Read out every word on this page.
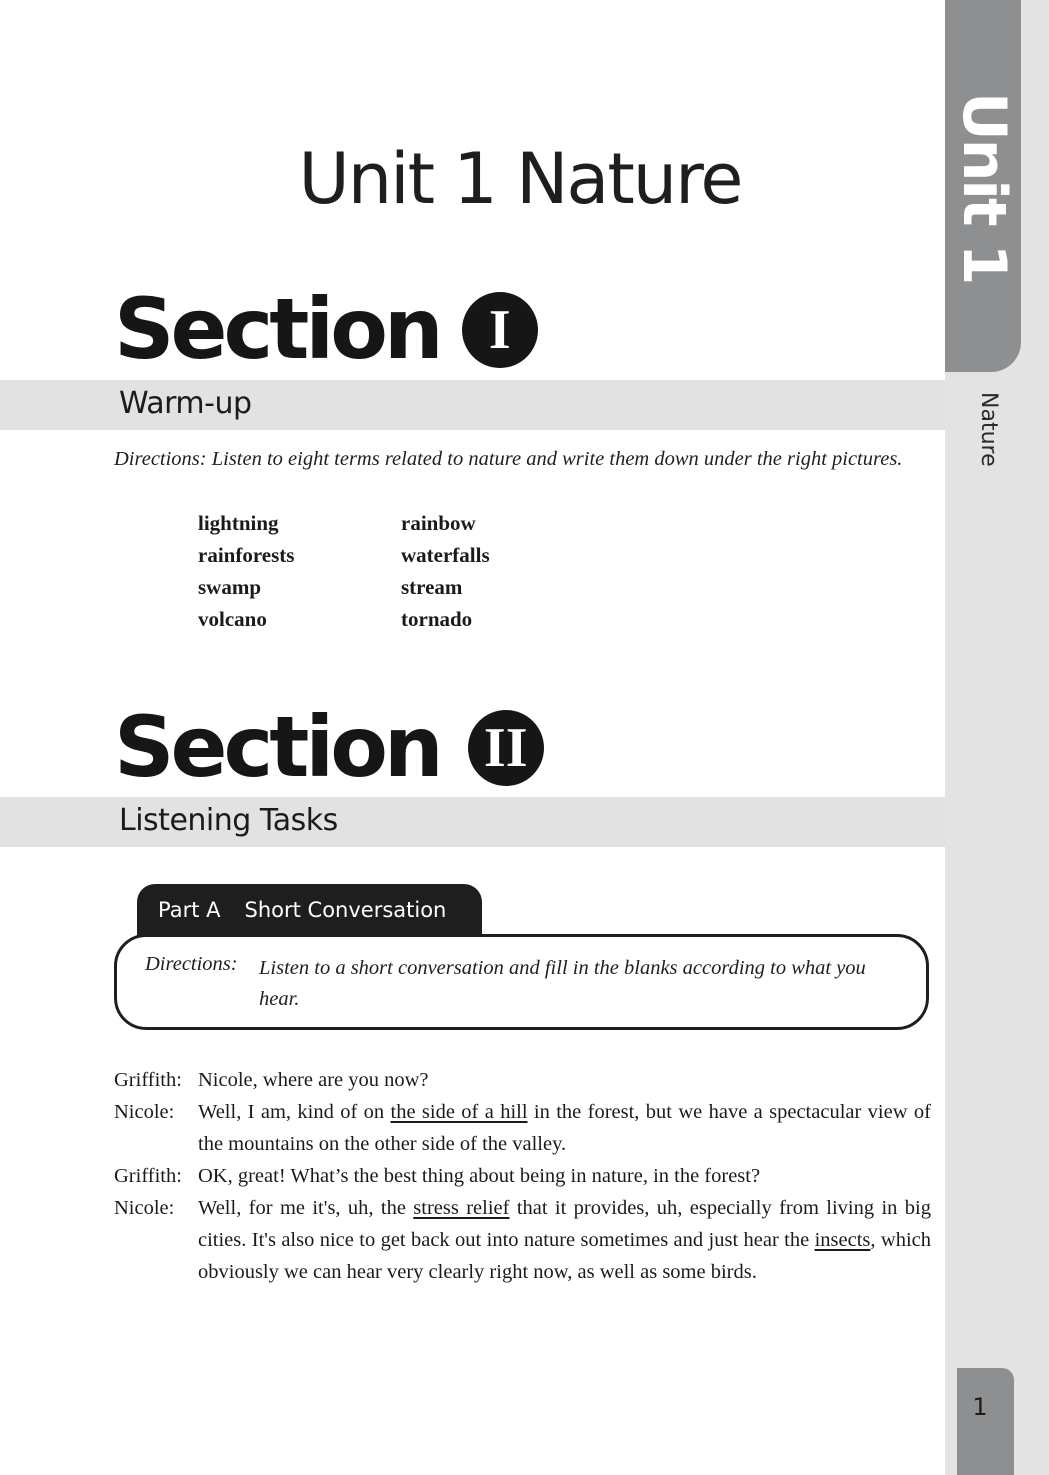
Unit 1
Nature
1
Unit 1 Nature
Section I
Warm-up
Directions: Listen to eight terms related to nature and write them down under the right pictures.
lightning	rainbow
rainforests	waterfalls
swamp	stream
volcano	tornado
Section II
Listening Tasks
Part A Short Conversation
Directions: Listen to a short conversation and fill in the blanks according to what you hear.
Griffith: Nicole, where are you now?
Nicole:	Well, I am, kind of on the side of a hill in the forest, but we have a spectacular view of the mountains on the other side of the valley.
Griffith: OK, great! What’s the best thing about being in nature, in the forest?
Nicole:	Well, for me it's, uh, the stress relief that it provides, uh, especially from living in big cities. It's also nice to get back out into nature sometimes and just hear the insects, which obviously we can hear very clearly right now, as well as some birds.
